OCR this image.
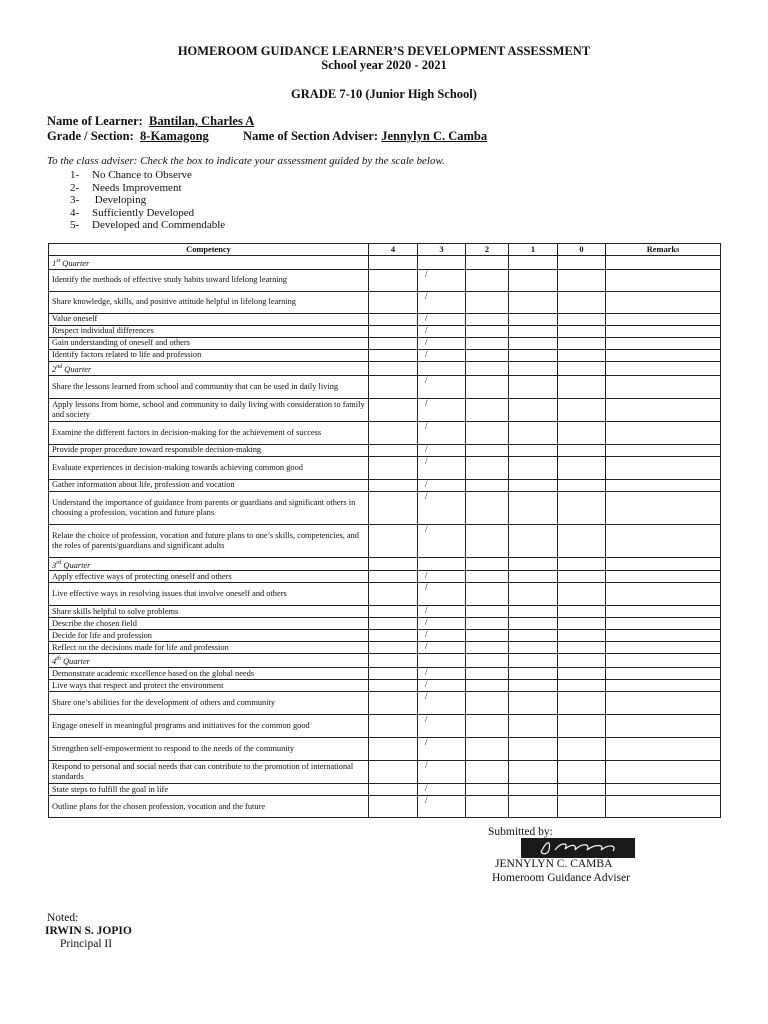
HOMEROOM GUIDANCE LEARNER’S DEVELOPMENT ASSESSMENT
School year 2020 - 2021
GRADE 7-10 (Junior High School)
Name of Learner: Bantilan, Charles A
Grade / Section: 8-Kamagong	Name of Section Adviser: Jennylyn C. Camba
To the class adviser: Check the box to indicate your assessment guided by the scale below.
1- No Chance to Observe
2- Needs Improvement
3- Developing
4- Sufficiently Developed
5- Developed and Commendable
Competency	4	3	2	1	0	Remarks
1st Quarter						
Identify the methods of effective study habits toward lifelong learning		/				

Share knowledge, skills, and positive attitude helpful in lifelong learning		/				

Value oneself		/				

Respect individual differences		/				

Gain understanding of oneself and others		/				

Identify factors related to life and profession		/				

2nd Quarter						
Share the lessons learned from school and community that can be used in daily living		/				

Apply lessons from home, school and community to daily living with consideration to family and society		/				

Examine the different factors in decision-making for the achievement of success		/				

Provide proper procedure toward responsible decision-making		/				

Evaluate experiences in decision-making towards achieving common good		/				

Gather information about life, profession and vocation		/				

Understand the importance of guidance from parents or guardians and significant others in choosing a profession, vocation and future plans		/				

Relate the choice of profession, vocation and future plans to one’s skills, competencies, and the roles of parents/guardians and significant adults		/				

3rd Quarter						
Apply effective ways of protecting oneself and others		/				

Live effective ways in resolving issues that involve oneself and others		/				

Share skills helpful to solve problems		/				

Describe the chosen field		/				

Decide for life and profession		/				

Reflect on the decisions made for life and profession		/				

4th Quarter						
Demonstrate academic excellence based on the global needs		/				

Live ways that respect and protect the environment		/				

Share one’s abilities for the development of others and community		/				

Engage oneself in meaningful programs and initiatives for the common good		/				

Strengthen self-empowerment to respond to the needs of the community		/				

Respond to personal and social needs that can contribute to the promotion of international standards		/				

State steps to fulfill the goal in life		/				

Outline plans for the chosen profession, vocation and the future		/				

Submitted by:
JENNYLYN C. CAMBA
Homeroom Guidance Adviser
Noted:
IRWIN S. JOPIO
Principal II
